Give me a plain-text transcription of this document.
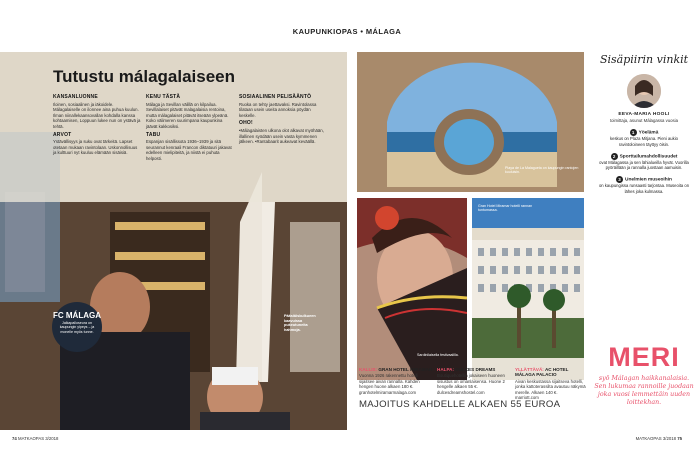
KAUPUNKIOPAS • MÁLAGA
Tutustu málagalaiseen
KANSANLUONNE

Iloinen, sosiaalinen ja iäkoidele. Málagalaiselle on ilonnee aina puhua kuulun. Ilman niinallekaansovallan kohdalla kanssa kohtaamisen, Loppuun lukee nun on ystävä ja tehtä.

ARVOT

Ystävällisyys ja suku ovat tärkeitä. Lapset otetaan mukaan ravintolaan. Uskonnollisuus ja kulttuuri nyt kuuluu elämään sisäisiä.

KENU TÄSTÄ

Málaga ja Sevillan välillä on kilpailua. Sevillalaiset pitävät malagalaisia rentoina, mutta málagalaiset pitävät itseään ylpeänä. Koko välimeren suurimpana kaupunkina jäävät kakkosiksi.

TABU

Espanjan sisällissota 1936–1939 ja sitä seurannut kenraali Francon diktatuuri jakavat edelleen mielipiteitä, ja niistä ei puhuta helposti.

SOSIAALINEN PELISÄÄNTÖ

Ruoka on tehty jaettavaksi. Ravintolassa tilataan usein useita annoksia pöydän keskelle.

OHO!

•Málagalaisten ulkona olot alkavat myöhään, illallinen syödään usein vasta kymmenen jälkeen. •Rantabaarit aukeavat keväällä.

FC MÁLAGA
Jalkapalloseura on kaupungin ylpeys – ja monelle myös tunne.
Pääsiäiskulkueen kaavuissa pukeutuneita hahmoja.
Playa de La Malagueta on kaupungin rantojen kuuluisin.
Sardinilaisella festivaalilla.
Gran Hotel Miramar hotelli rannan tuntumassa.
MAJOITUS KAHDELLE ALKAEN 55 EUROA
KALLIS: GRAN HOTEL MIRAMAR

Vuonna 1926 rakennettu hotelli sijaitsee aivan rannalla. Kahden hengen huone alkaen 180 €.

granhotelmiramarmalaga.com

HALPA: DULCES DREAMS

Boutiquehotellin jokaiseen huoneen sisustus on omanlaisensa. Huone 2 hengelle alkaen 55 €.

dulcesdreamshostel.com

YLLÄTTÄVÄ: AC HOTEL MÁLAGA PALACIO

Aivan keskustassa sijaitseva hotelli, jonka kattoterassilta avautuu näkymä merelle. Alkaen 140 €.

marriott.com

Sisäpiirin vinkit
EEVA-MARIA HOOLI
toimittaja, asunut Málagassa vuosia
1 Yöelämä
keskus on Plaza Mitjana. Pieni aukio ravintoloineen täyttyy öisin.
2 Sporttailumahdollisuudet
ovat Málagassa ja sen lähialueilla hyvät. Vuorilla pyöräillään ja rannalla juostaan aamuisin.
3 Unelmien museoihin
on kaupungissa runsaasti tarjontaa. Museoita on lähes joka kulmassa.
MERI
syö Málagan haikkanalaisia. Sen lukumaa rannoille juodaan joka vuosi lemmettäin uuden loittekhan.
74 MATKAOPAS 3/2018	MATKAOPAS 3/2018 75
